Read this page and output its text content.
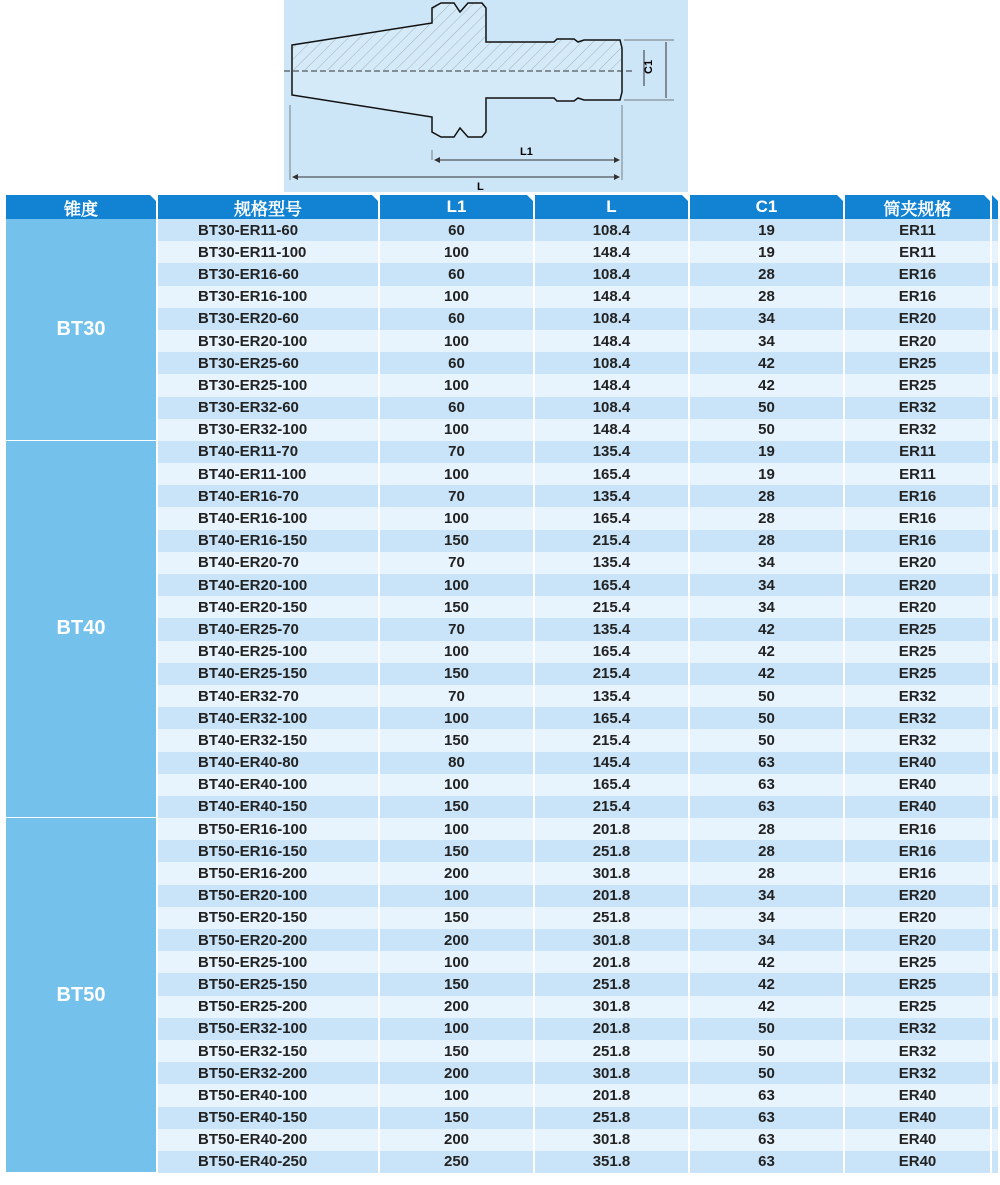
C1
L1
L
锥度	规格型号	L1	L	C1	筒夹规格
BT30
BT30-ER11-60	60	108.4	19	ER11
BT30-ER11-100	100	148.4	19	ER11
BT30-ER16-60	60	108.4	28	ER16
BT30-ER16-100	100	148.4	28	ER16
BT30-ER20-60	60	108.4	34	ER20
BT30-ER20-100	100	148.4	34	ER20
BT30-ER25-60	60	108.4	42	ER25
BT30-ER25-100	100	148.4	42	ER25
BT30-ER32-60	60	108.4	50	ER32
BT30-ER32-100	100	148.4	50	ER32
BT40
BT40-ER11-70	70	135.4	19	ER11
BT40-ER11-100	100	165.4	19	ER11
BT40-ER16-70	70	135.4	28	ER16
BT40-ER16-100	100	165.4	28	ER16
BT40-ER16-150	150	215.4	28	ER16
BT40-ER20-70	70	135.4	34	ER20
BT40-ER20-100	100	165.4	34	ER20
BT40-ER20-150	150	215.4	34	ER20
BT40-ER25-70	70	135.4	42	ER25
BT40-ER25-100	100	165.4	42	ER25
BT40-ER25-150	150	215.4	42	ER25
BT40-ER32-70	70	135.4	50	ER32
BT40-ER32-100	100	165.4	50	ER32
BT40-ER32-150	150	215.4	50	ER32
BT40-ER40-80	80	145.4	63	ER40
BT40-ER40-100	100	165.4	63	ER40
BT40-ER40-150	150	215.4	63	ER40
BT50
BT50-ER16-100	100	201.8	28	ER16
BT50-ER16-150	150	251.8	28	ER16
BT50-ER16-200	200	301.8	28	ER16
BT50-ER20-100	100	201.8	34	ER20
BT50-ER20-150	150	251.8	34	ER20
BT50-ER20-200	200	301.8	34	ER20
BT50-ER25-100	100	201.8	42	ER25
BT50-ER25-150	150	251.8	42	ER25
BT50-ER25-200	200	301.8	42	ER25
BT50-ER32-100	100	201.8	50	ER32
BT50-ER32-150	150	251.8	50	ER32
BT50-ER32-200	200	301.8	50	ER32
BT50-ER40-100	100	201.8	63	ER40
BT50-ER40-150	150	251.8	63	ER40
BT50-ER40-200	200	301.8	63	ER40
BT50-ER40-250	250	351.8	63	ER40
